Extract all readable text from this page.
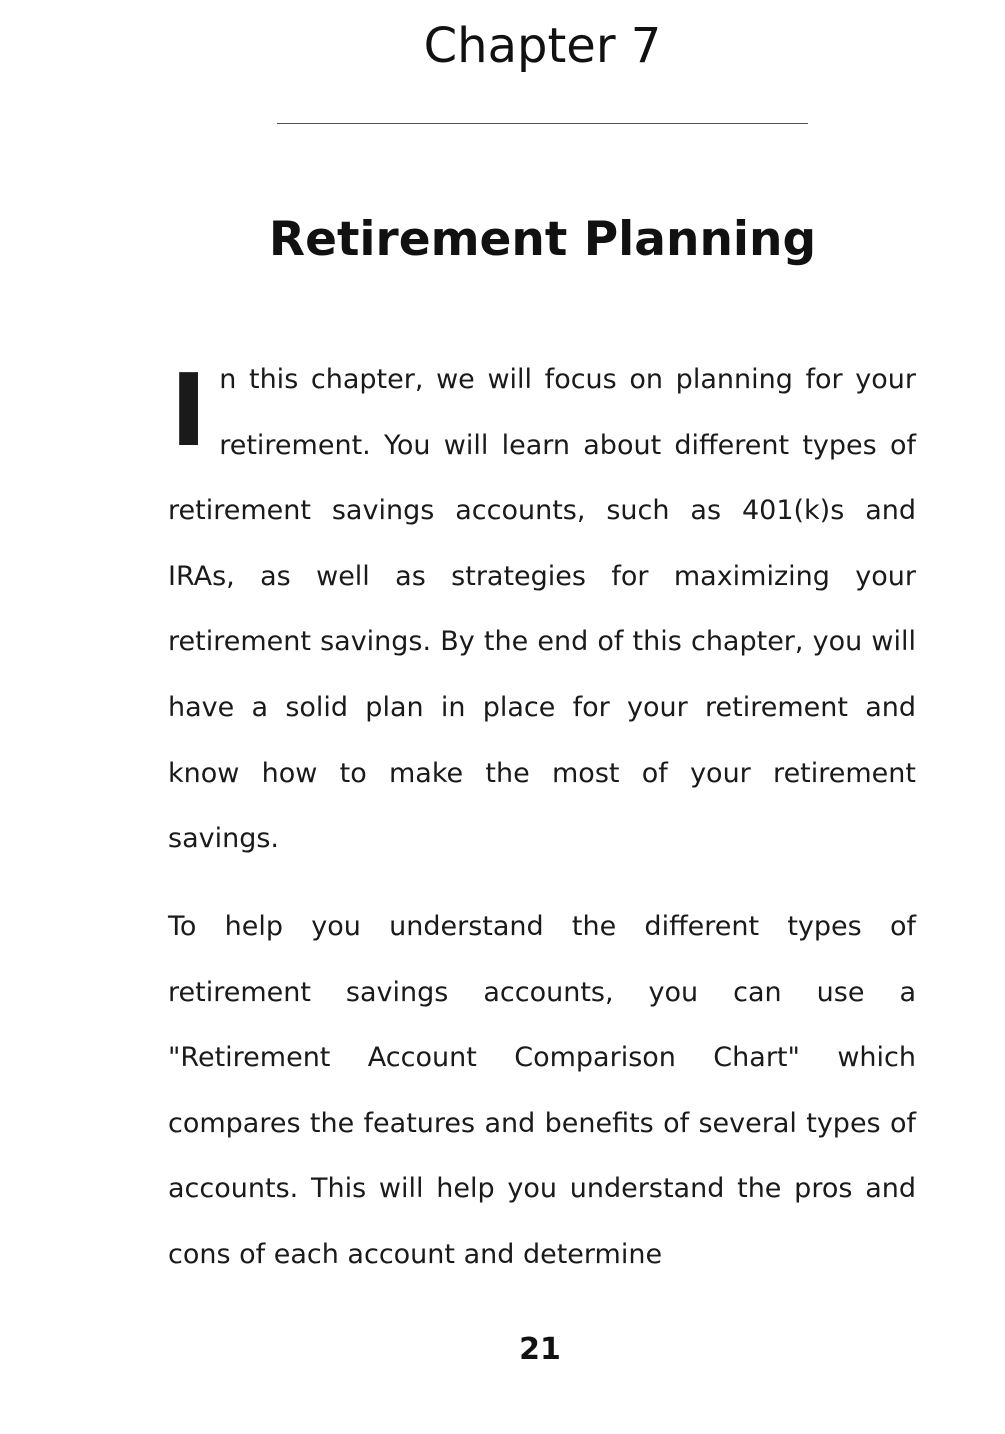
Chapter 7
Retirement Planning
In this chapter, we will focus on planning for your retirement. You will learn about different types of retirement savings accounts, such as 401(k)s and IRAs, as well as strategies for maximizing your retirement savings. By the end of this chapter, you will have a solid plan in place for your retirement and know how to make the most of your retirement savings.
To help you understand the different types of retirement savings accounts, you can use a "Retirement Account Comparison Chart" which compares the features and benefits of several types of accounts. This will help you understand the pros and cons of each account and determine
21
